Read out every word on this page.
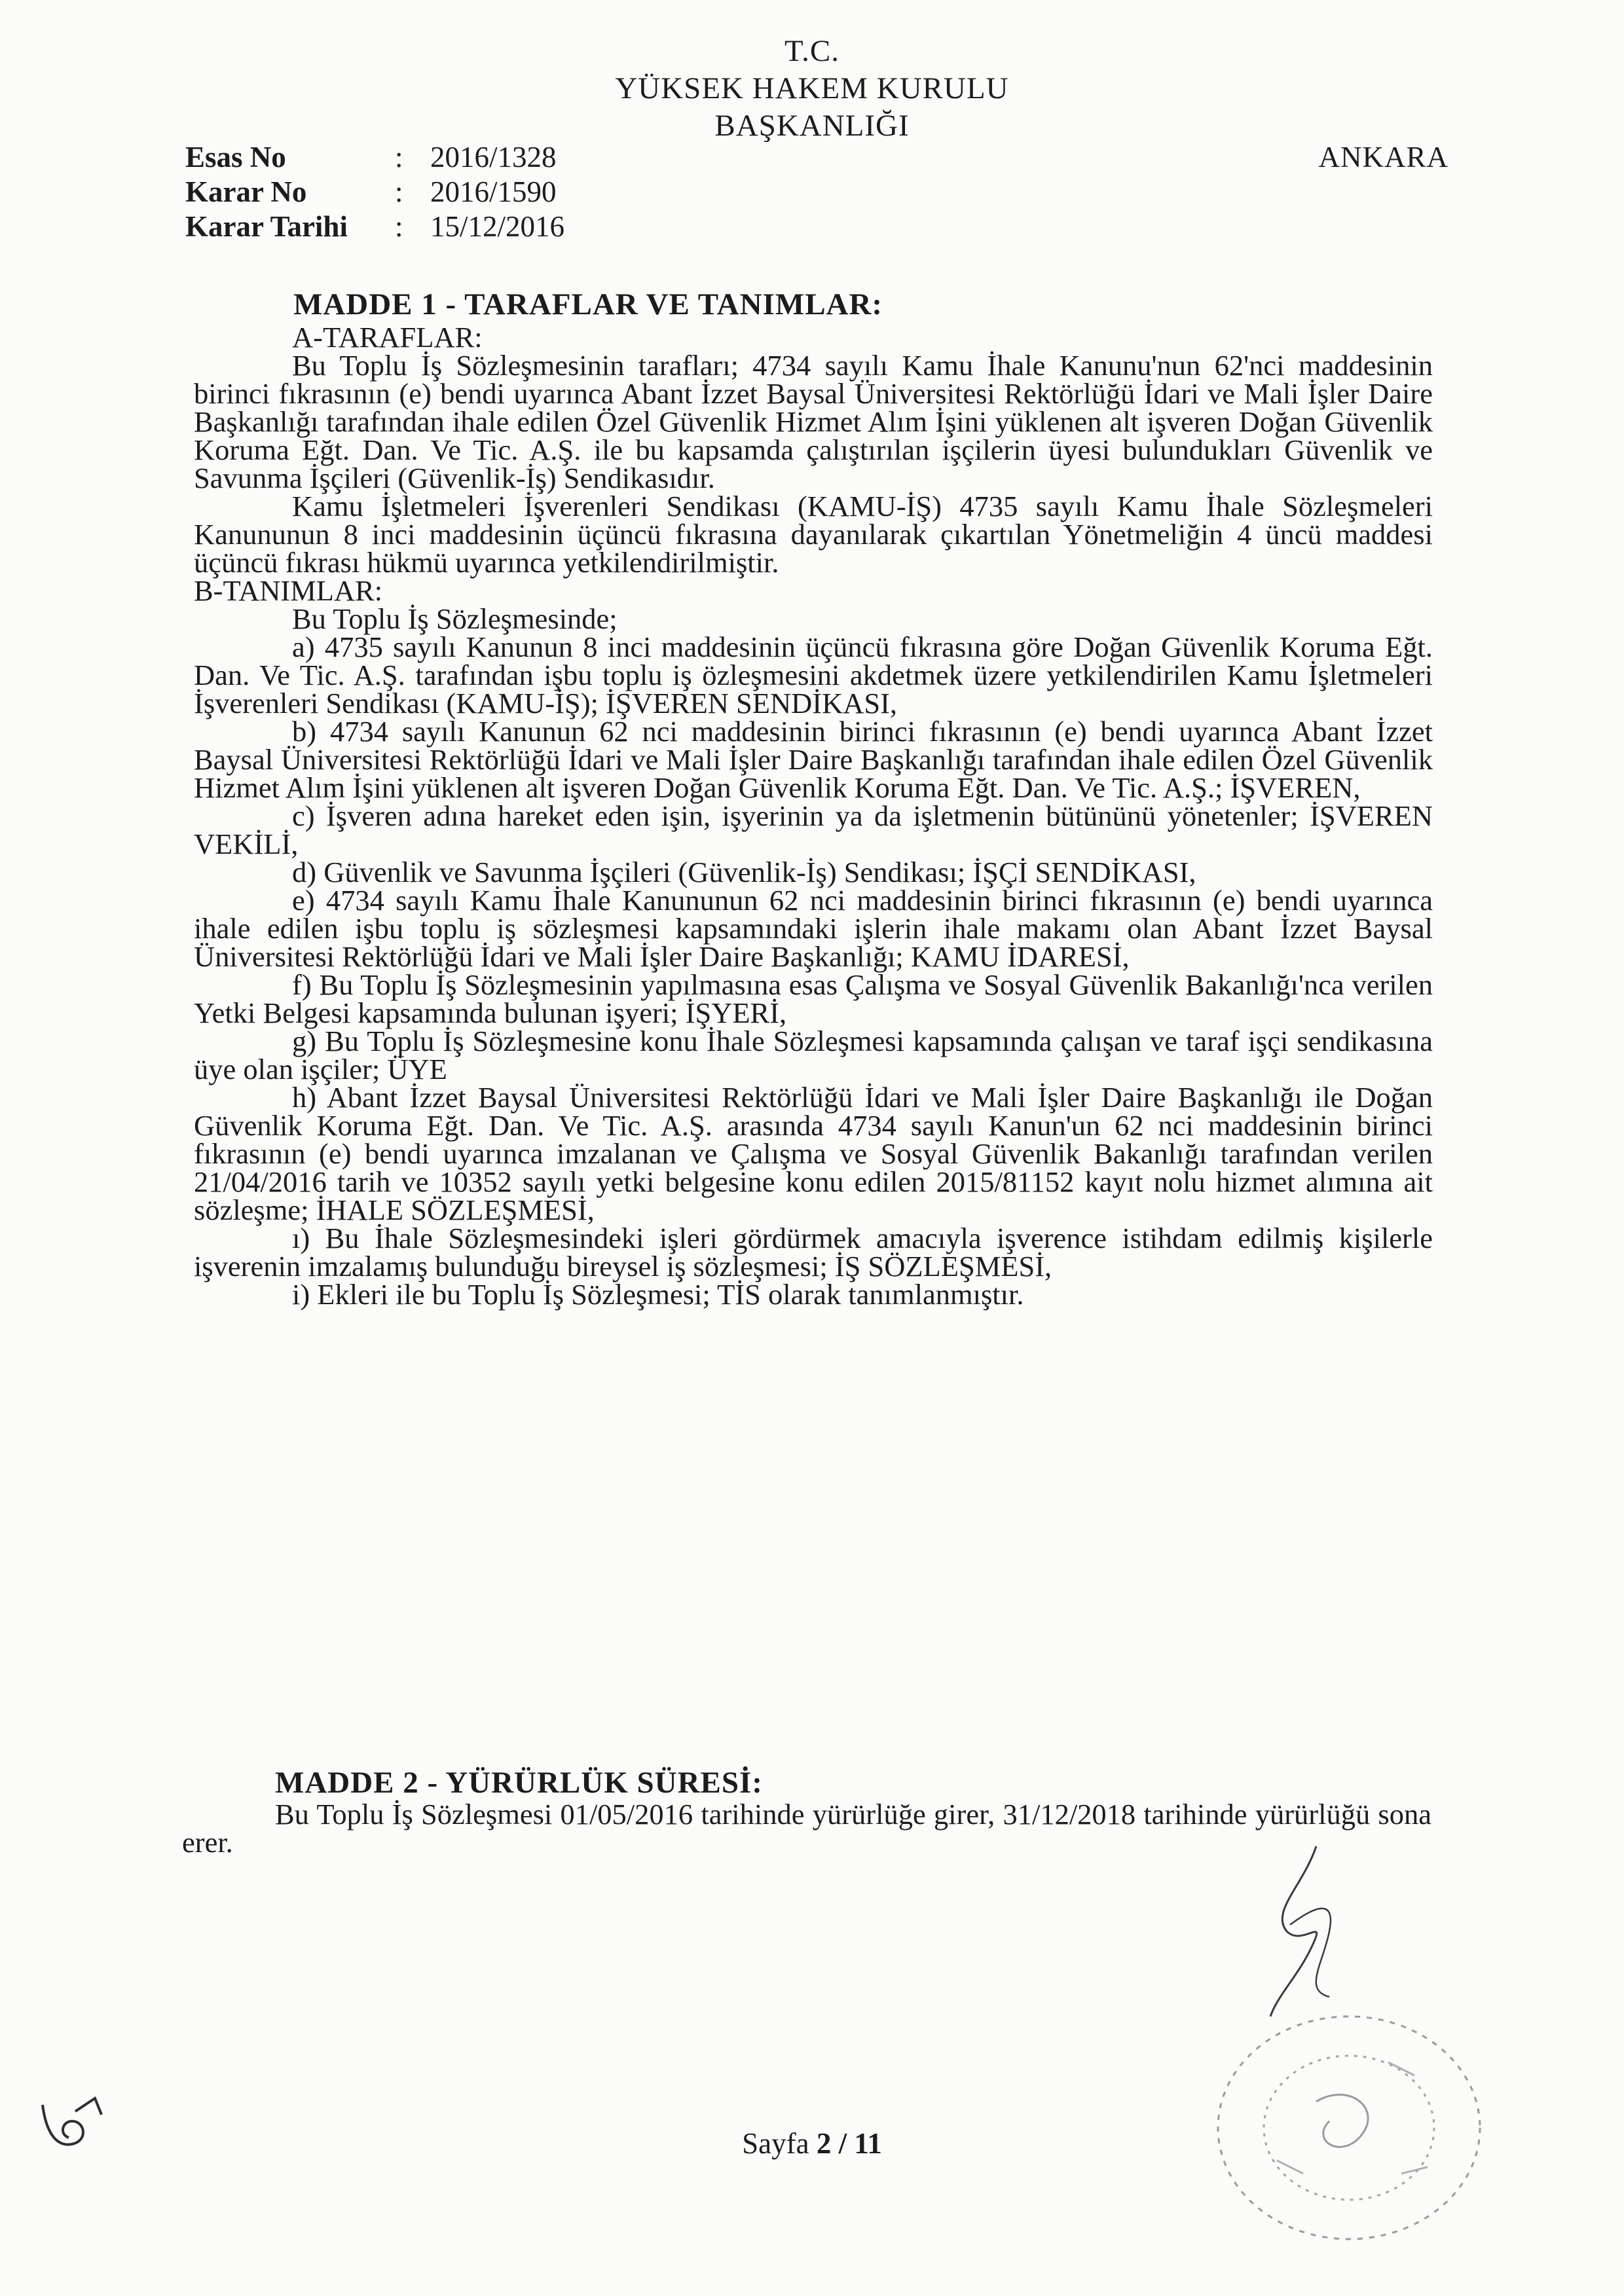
T.C.
YÜKSEK HAKEM KURULU
BAŞKANLIĞI
Esas No	: 2016/1328
Karar No	: 2016/1590
Karar Tarihi	: 15/12/2016
ANKARA
MADDE 1 - TARAFLAR VE TANIMLAR:

A-TARAFLAR:

Bu Toplu İş Sözleşmesinin tarafları; 4734 sayılı Kamu İhale Kanunu'nun 62'nci maddesinin birinci fıkrasının (e) bendi uyarınca Abant İzzet Baysal Üniversitesi Rektörlüğü İdari ve Mali İşler Daire Başkanlığı tarafından ihale edilen Özel Güvenlik Hizmet Alım İşini yüklenen alt işveren Doğan Güvenlik Koruma Eğt. Dan. Ve Tic. A.Ş. ile bu kapsamda çalıştırılan işçilerin üyesi bulundukları Güvenlik ve Savunma İşçileri (Güvenlik-İş) Sendikasıdır.

Kamu İşletmeleri İşverenleri Sendikası (KAMU-İŞ) 4735 sayılı Kamu İhale Sözleşmeleri Kanununun 8 inci maddesinin üçüncü fıkrasına dayanılarak çıkartılan Yönetmeliğin 4 üncü maddesi üçüncü fıkrası hükmü uyarınca yetkilendirilmiştir.

B-TANIMLAR:

Bu Toplu İş Sözleşmesinde;

a) 4735 sayılı Kanunun 8 inci maddesinin üçüncü fıkrasına göre Doğan Güvenlik Koruma Eğt. Dan. Ve Tic. A.Ş. tarafından işbu toplu iş özleşmesini akdetmek üzere yetkilendirilen Kamu İşletmeleri İşverenleri Sendikası (KAMU-İŞ); İŞVEREN SENDİKASI,

b) 4734 sayılı Kanunun 62 nci maddesinin birinci fıkrasının (e) bendi uyarınca Abant İzzet Baysal Üniversitesi Rektörlüğü İdari ve Mali İşler Daire Başkanlığı tarafından ihale edilen Özel Güvenlik Hizmet Alım İşini yüklenen alt işveren Doğan Güvenlik Koruma Eğt. Dan. Ve Tic. A.Ş.; İŞVEREN,

c) İşveren adına hareket eden işin, işyerinin ya da işletmenin bütününü yönetenler; İŞVEREN VEKİLİ,

d) Güvenlik ve Savunma İşçileri (Güvenlik-İş) Sendikası; İŞÇİ SENDİKASI,

e) 4734 sayılı Kamu İhale Kanununun 62 nci maddesinin birinci fıkrasının (e) bendi uyarınca ihale edilen işbu toplu iş sözleşmesi kapsamındaki işlerin ihale makamı olan Abant İzzet Baysal Üniversitesi Rektörlüğü İdari ve Mali İşler Daire Başkanlığı; KAMU İDARESİ,

f) Bu Toplu İş Sözleşmesinin yapılmasına esas Çalışma ve Sosyal Güvenlik Bakanlığı'nca verilen Yetki Belgesi kapsamında bulunan işyeri; İŞYERİ,

g) Bu Toplu İş Sözleşmesine konu İhale Sözleşmesi kapsamında çalışan ve taraf işçi sendikasına üye olan işçiler; ÜYE

h) Abant İzzet Baysal Üniversitesi Rektörlüğü İdari ve Mali İşler Daire Başkanlığı ile Doğan Güvenlik Koruma Eğt. Dan. Ve Tic. A.Ş. arasında 4734 sayılı Kanun'un 62 nci maddesinin birinci fıkrasının (e) bendi uyarınca imzalanan ve Çalışma ve Sosyal Güvenlik Bakanlığı tarafından verilen 21/04/2016 tarih ve 10352 sayılı yetki belgesine konu edilen 2015/81152 kayıt nolu hizmet alımına ait sözleşme; İHALE SÖZLEŞMESİ,

ı) Bu İhale Sözleşmesindeki işleri gördürmek amacıyla işverence istihdam edilmiş kişilerle işverenin imzalamış bulunduğu bireysel iş sözleşmesi; İŞ SÖZLEŞMESİ,

i) Ekleri ile bu Toplu İş Sözleşmesi; TİS olarak tanımlanmıştır.

MADDE 2 - YÜRÜRLÜK SÜRESİ:

Bu Toplu İş Sözleşmesi 01/05/2016 tarihinde yürürlüğe girer, 31/12/2018 tarihinde yürürlüğü sona erer.

Sayfa 2 / 11
